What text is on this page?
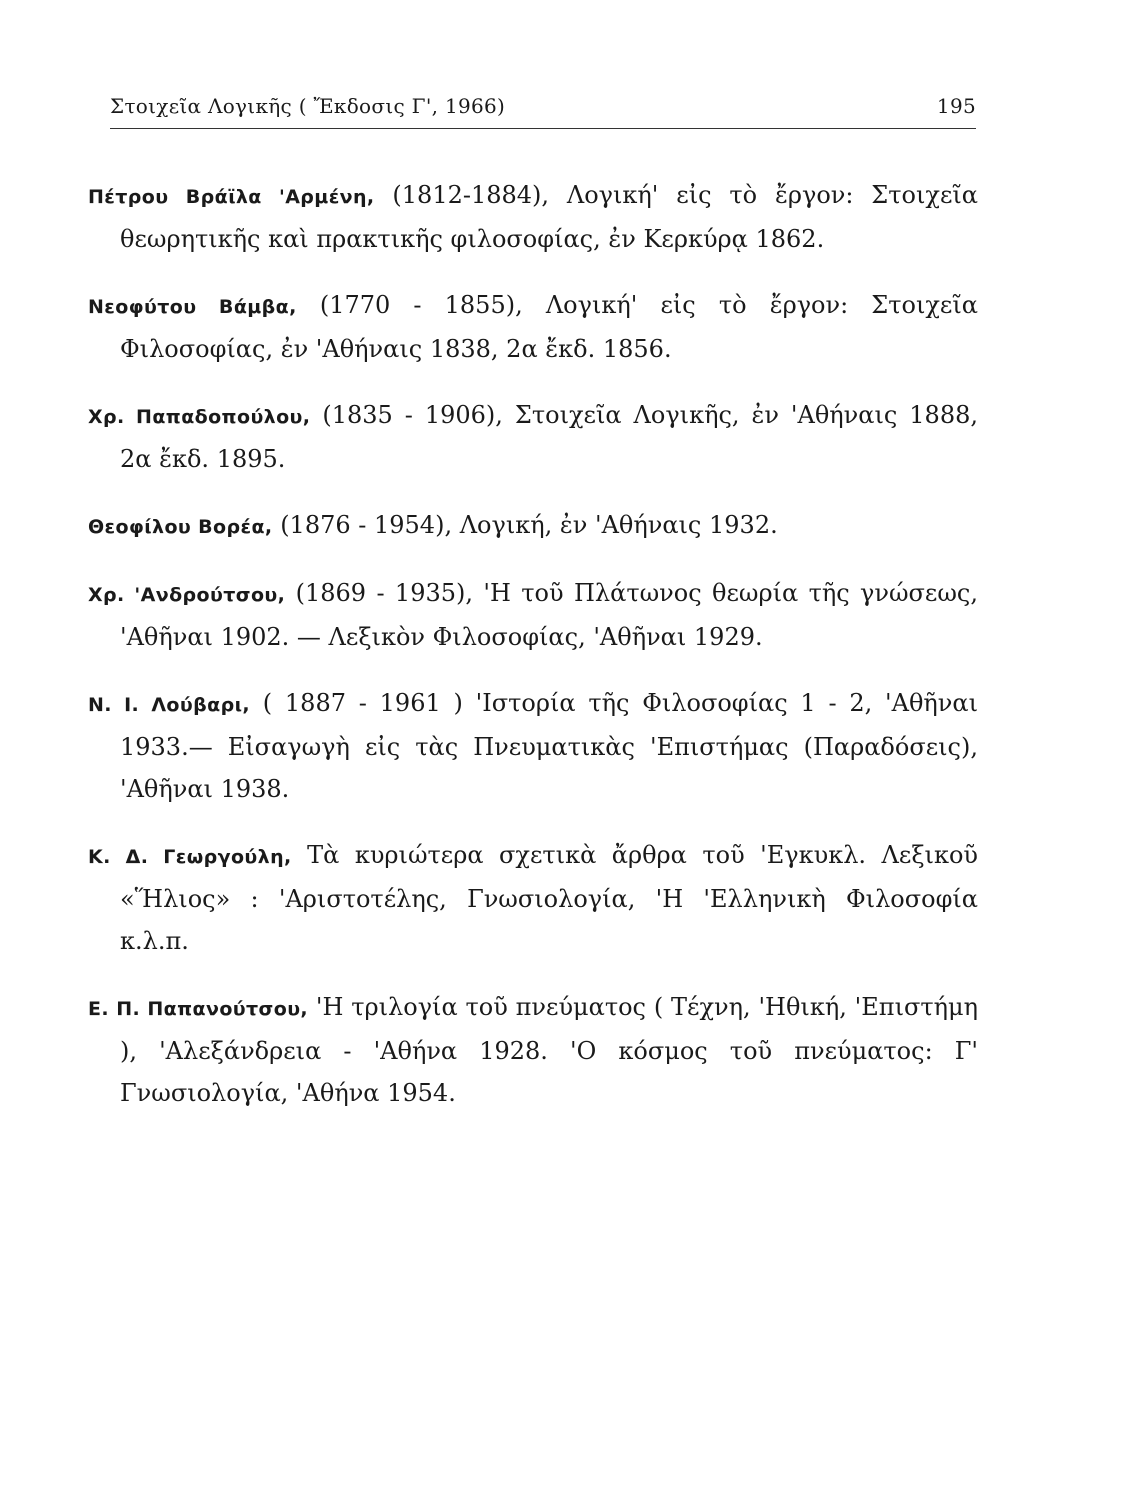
Στοιχεῖα Λογικῆς ( Ἔκδοσις Γ', 1966)	195

Πέτρου Βράϊλα 'Αρμένη, (1812-1884), Λογική' εἰς τὸ ἔργον: Στοιχεῖα θεωρητικῆς καὶ πρακτικῆς φιλοσοφίας, ἐν Κερκύρᾳ 1862.

Νεοφύτου Βάμβα, (1770 - 1855), Λογική' εἰς τὸ ἔργον: Στοιχεῖα Φιλοσοφίας, ἐν 'Αθήναις 1838, 2α ἔκδ. 1856.

Χρ. Παπαδοπούλου, (1835 - 1906), Στοιχεῖα Λογικῆς, ἐν 'Αθήναις 1888, 2α ἔκδ. 1895.

Θεοφίλου Βορέα, (1876 - 1954), Λογική, ἐν 'Αθήναις 1932.

Χρ. 'Ανδρούτσου, (1869 - 1935), 'Η τοῦ Πλάτωνος θεωρία τῆς γνώσεως, 'Αθῆναι 1902. — Λεξικὸν Φιλοσοφίας, 'Αθῆναι 1929.

Ν. Ι. Λούβαρι, ( 1887 - 1961 ) 'Ιστορία τῆς Φιλοσοφίας 1 - 2, 'Αθῆναι 1933.— Εἰσαγωγὴ εἰς τὰς Πνευματικὰς 'Επιστήμας (Παραδόσεις), 'Αθῆναι 1938.

Κ. Δ. Γεωργούλη, Τὰ κυριώτερα σχετικὰ ἄρθρα τοῦ 'Εγκυκλ. Λεξικοῦ «Ἥλιος» : 'Αριστοτέλης, Γνωσιολογία, 'Η 'Ελληνικὴ Φιλοσοφία κ.λ.π.

Ε. Π. Παπανούτσου, 'Η τριλογία τοῦ πνεύματος ( Τέχνη, 'Ηθική, 'Επιστήμη ), 'Αλεξάνδρεια - 'Αθήνα 1928. 'Ο κόσμος τοῦ πνεύματος: Γ' Γνωσιολογία, 'Αθήνα 1954.
